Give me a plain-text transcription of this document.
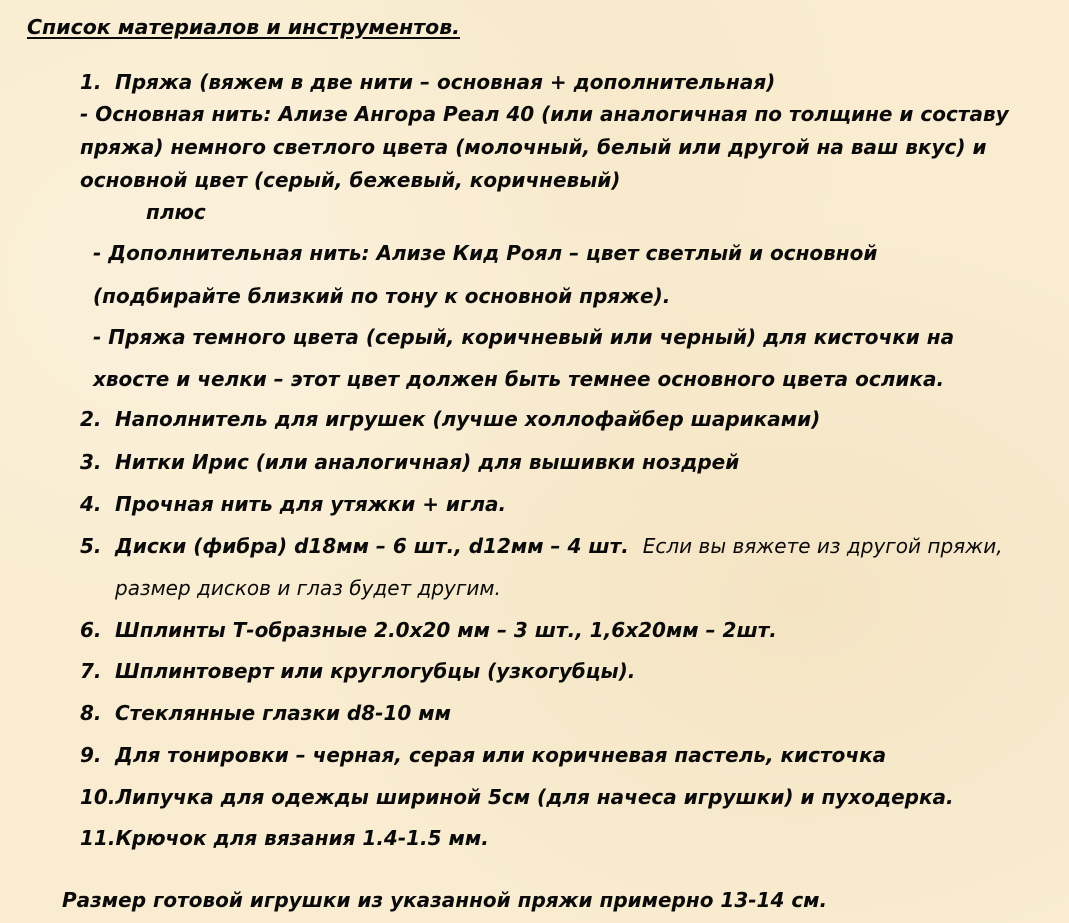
Список материалов и инструментов.
1. Пряжа (вяжем в две нити – основная + дополнительная)
- Основная нить: Ализе Ангора Реал 40 (или аналогичная по толщине и составу
пряжа) немного светлого цвета (молочный, белый или другой на ваш вкус) и
основной цвет (серый, бежевый, коричневый)
плюс
- Дополнительная нить: Ализе Кид Роял – цвет светлый и основной
(подбирайте близкий по тону к основной пряже).
- Пряжа темного цвета (серый, коричневый или черный) для кисточки на
хвосте и челки – этот цвет должен быть темнее основного цвета ослика.
2. Наполнитель для игрушек (лучше холлофайбер шариками)
3. Нитки Ирис (или аналогичная) для вышивки ноздрей
4. Прочная нить для утяжки + игла.
5. Диски (фибра) d18мм – 6 шт., d12мм – 4 шт. Если вы вяжете из другой пряжи,
размер дисков и глаз будет другим.
6. Шплинты Т-образные 2.0х20 мм – 3 шт., 1,6х20мм – 2шт.
7. Шплинтоверт или круглогубцы (узкогубцы).
8. Стеклянные глазки d8-10 мм
9. Для тонировки – черная, серая или коричневая пастель, кисточка
10.Липучка для одежды шириной 5см (для начеса игрушки) и пуходерка.
11.Крючок для вязания 1.4-1.5 мм.
Размер готовой игрушки из указанной пряжи примерно 13-14 см.
